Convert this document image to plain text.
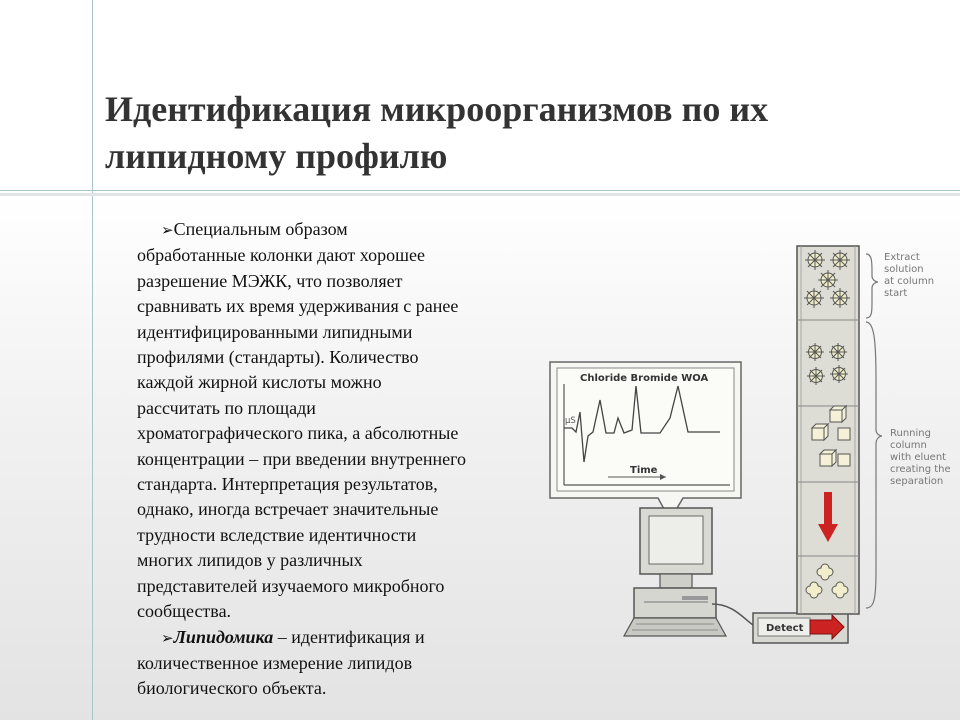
Идентификация микроорганизмов по их
липидному профилю
➢Специальным образом
обработанные колонки дают хорошее
разрешение МЭЖК, что позволяет
сравнивать их время удерживания с ранее
идентифицированными липидными
профилями (стандарты). Количество
каждой жирной кислоты можно
рассчитать по площади
хроматографического пика, а абсолютные
концентрации – при введении внутреннего
стандарта. Интерпретация результатов,
однако, иногда встречает значительные
трудности вследствие идентичности
многих липидов у различных
представителей изучаемого микробного
сообщества.
➢Липидомика – идентификация и
количественное измерение липидов
биологического объекта.
Chloride Bromide WOA
μS
Time
Detect
Extract
solution
at column
start
Running
column
with eluent
creating the
separation
